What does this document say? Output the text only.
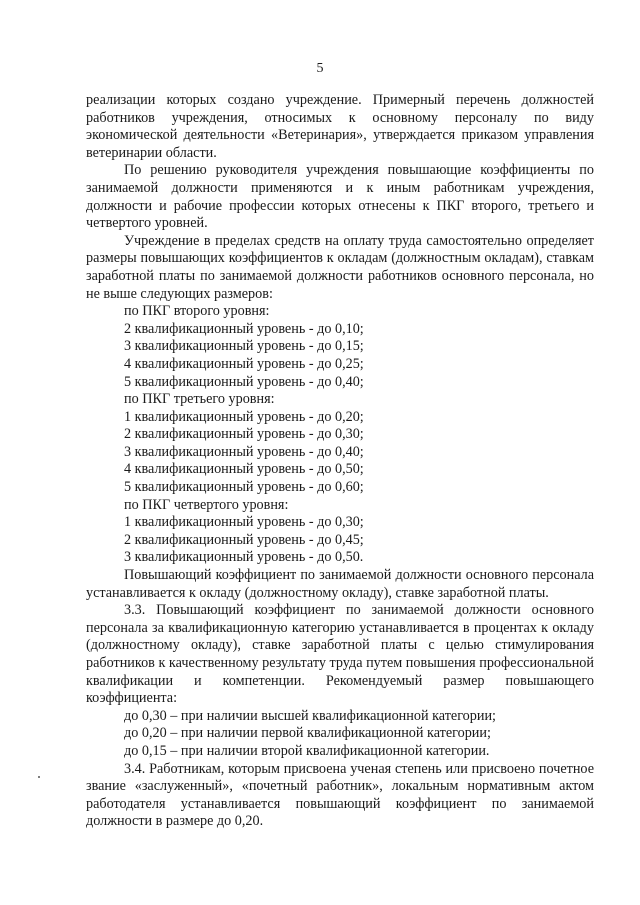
5

реализации которых создано учреждение. Примерный перечень должностей работников учреждения, относимых к основному персоналу по виду экономической деятельности «Ветеринария», утверждается приказом управления ветеринарии области.

По решению руководителя учреждения повышающие коэффициенты по занимаемой должности применяются и к иным работникам учреждения, должности и рабочие профессии которых отнесены к ПКГ второго, третьего и четвертого уровней.

Учреждение в пределах средств на оплату труда самостоятельно определяет размеры повышающих коэффициентов к окладам (должностным окладам), ставкам заработной платы по занимаемой должности работников основного персонала, но не выше следующих размеров:

по ПКГ второго уровня:

2 квалификационный уровень - до 0,10;

3 квалификационный уровень - до 0,15;

4 квалификационный уровень - до 0,25;

5 квалификационный уровень - до 0,40;

по ПКГ третьего уровня:

1 квалификационный уровень - до 0,20;

2 квалификационный уровень - до 0,30;

3 квалификационный уровень - до 0,40;

4 квалификационный уровень - до 0,50;

5 квалификационный уровень - до 0,60;

по ПКГ четвертого уровня:

1 квалификационный уровень - до 0,30;

2 квалификационный уровень - до 0,45;

3 квалификационный уровень - до 0,50.

Повышающий коэффициент по занимаемой должности основного персонала устанавливается к окладу (должностному окладу), ставке заработной платы.

3.3. Повышающий коэффициент по занимаемой должности основного персонала за квалификационную категорию устанавливается в процентах к окладу (должностному окладу), ставке заработной платы с целью стимулирования работников к качественному результату труда путем повышения профессиональной квалификации и компетенции. Рекомендуемый размер повышающего коэффициента:

до 0,30 – при наличии высшей квалификационной категории;

до 0,20 – при наличии первой квалификационной категории;

до 0,15 – при наличии второй квалификационной категории.

3.4. Работникам, которым присвоена ученая степень или присвоено почетное звание «заслуженный», «почетный работник», локальным нормативным актом работодателя устанавливается повышающий коэффициент по занимаемой должности в размере до 0,20.
